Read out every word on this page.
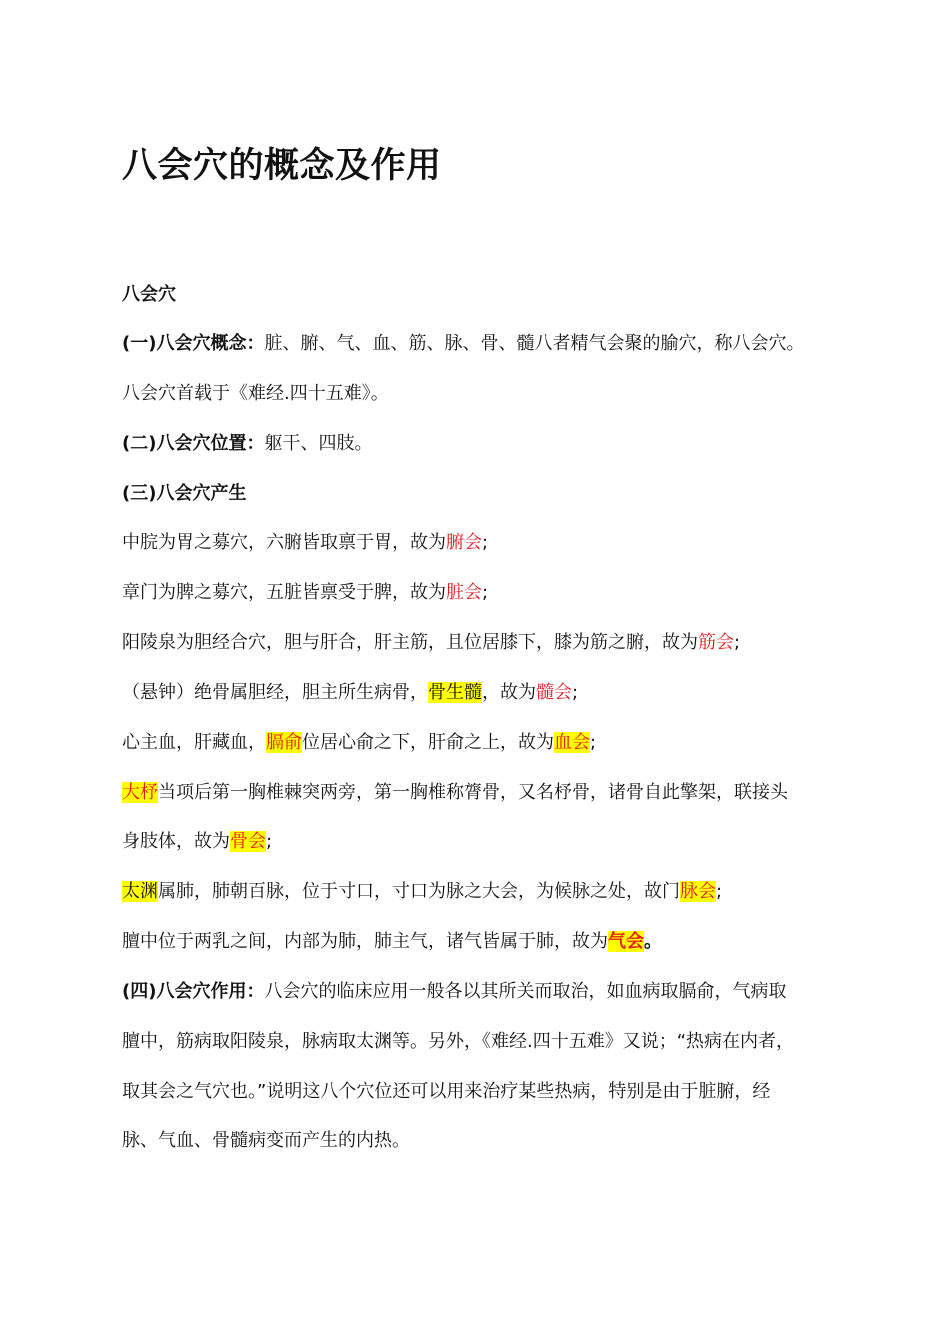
八会穴的概念及作用
八会穴
(一)八会穴概念：脏、腑、气、血、筋、脉、骨、髓八者精气会聚的腧穴，称八会穴。
八会穴首载于《难经.四十五难》。
(二)八会穴位置：躯干、四肢。
(三)八会穴产生
中脘为胃之募穴，六腑皆取禀于胃，故为腑会;
章门为脾之募穴，五脏皆禀受于脾，故为脏会;
阳陵泉为胆经合穴，胆与肝合，肝主筋，且位居膝下，膝为筋之腑，故为筋会;
（悬钟）绝骨属胆经，胆主所生病骨，骨生髓，故为髓会;
心主血，肝藏血，膈俞位居心俞之下，肝俞之上，故为血会;
大杼当项后第一胸椎棘突两旁，第一胸椎称膂骨，又名杼骨，诸骨自此擎架，联接头
身肢体，故为骨会;
太渊属肺，肺朝百脉，位于寸口，寸口为脉之大会，为候脉之处，故门脉会;
膻中位于两乳之间，内部为肺，肺主气，诸气皆属于肺，故为气会。
(四)八会穴作用：八会穴的临床应用一般各以其所关而取治，如血病取膈俞，气病取
膻中，筋病取阳陵泉，脉病取太渊等。另外，《难经.四十五难》又说；“热病在内者，
取其会之气穴也。”说明这八个穴位还可以用来治疗某些热病，特别是由于脏腑，经
脉、气血、骨髓病变而产生的内热。
